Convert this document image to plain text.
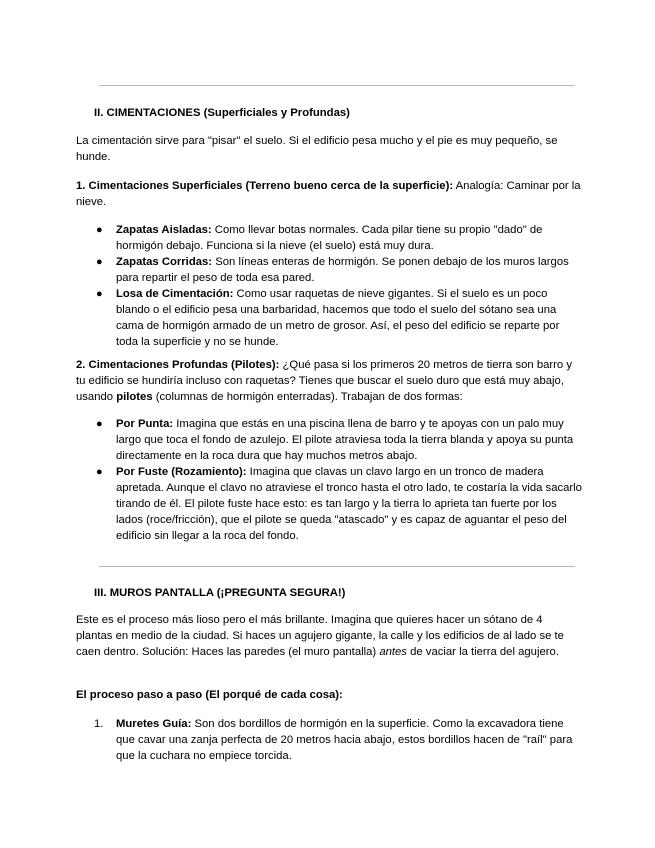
II. CIMENTACIONES (Superficiales y Profundas)
La cimentación sirve para "pisar" el suelo. Si el edificio pesa mucho y el pie es muy pequeño, se hunde.
1. Cimentaciones Superficiales (Terreno bueno cerca de la superficie): Analogía: Caminar por la nieve.
● Zapatas Aisladas: Como llevar botas normales. Cada pilar tiene su propio "dado" de hormigón debajo. Funciona si la nieve (el suelo) está muy dura.
● Zapatas Corridas: Son líneas enteras de hormigón. Se ponen debajo de los muros largos para repartir el peso de toda esa pared.
● Losa de Cimentación: Como usar raquetas de nieve gigantes. Si el suelo es un poco blando o el edificio pesa una barbaridad, hacemos que todo el suelo del sótano sea una cama de hormigón armado de un metro de grosor. Así, el peso del edificio se reparte por toda la superficie y no se hunde.
2. Cimentaciones Profundas (Pilotes): ¿Qué pasa si los primeros 20 metros de tierra son barro y tu edificio se hundiría incluso con raquetas? Tienes que buscar el suelo duro que está muy abajo, usando pilotes (columnas de hormigón enterradas). Trabajan de dos formas:
● Por Punta: Imagina que estás en una piscina llena de barro y te apoyas con un palo muy largo que toca el fondo de azulejo. El pilote atraviesa toda la tierra blanda y apoya su punta directamente en la roca dura que hay muchos metros abajo.
● Por Fuste (Rozamiento): Imagina que clavas un clavo largo en un tronco de madera apretada. Aunque el clavo no atraviese el tronco hasta el otro lado, te costaría la vida sacarlo tirando de él. El pilote fuste hace esto: es tan largo y la tierra lo aprieta tan fuerte por los lados (roce/fricción), que el pilote se queda "atascado" y es capaz de aguantar el peso del edificio sin llegar a la roca del fondo.
III. MUROS PANTALLA (¡PREGUNTA SEGURA!)
Este es el proceso más lioso pero el más brillante. Imagina que quieres hacer un sótano de 4 plantas en medio de la ciudad. Si haces un agujero gigante, la calle y los edificios de al lado se te caen dentro. Solución: Haces las paredes (el muro pantalla) antes de vaciar la tierra del agujero.
El proceso paso a paso (El porqué de cada cosa):
1. Muretes Guía: Son dos bordillos de hormigón en la superficie. Como la excavadora tiene que cavar una zanja perfecta de 20 metros hacia abajo, estos bordillos hacen de "raíl" para que la cuchara no empiece torcida.
